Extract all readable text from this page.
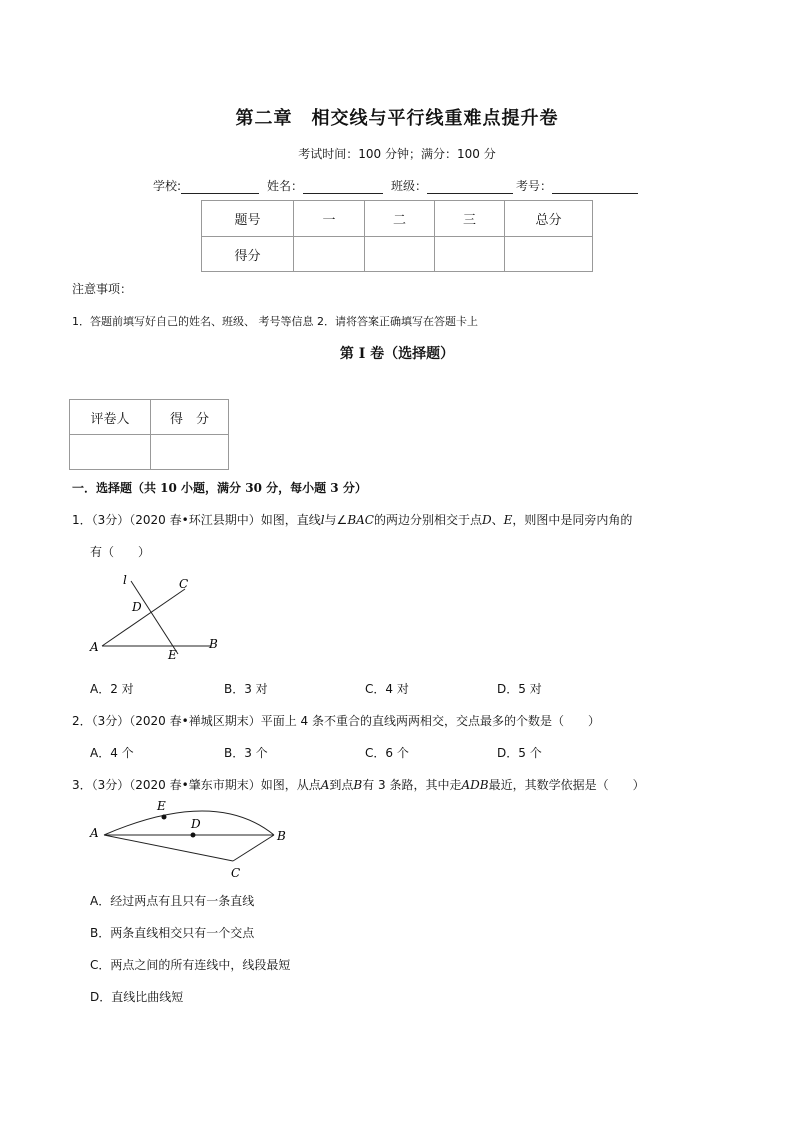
第二章　相交线与平行线重难点提升卷
考试时间：100 分钟；满分：100 分
学校:	姓名：	班级：	考号：
题号	一	二	三	总分
得分				
注意事项：
1．答题前填写好自己的姓名、班级、 考号等信息 2．请将答案正确填写在答题卡上
第 I 卷（选择题）
评卷人	得　分

一．选择题（共 10 小题，满分 30 分，每小题 3 分）
1．（3分）（2020 春•环江县期中）如图，直线l与∠BAC的两边分别相交于点D、E，则图中是同旁内角的
有（　　）
l	C
D
A
E
B
A．2 对	B．3 对	C．4 对	D．5 对
2．（3分）（2020 春•禅城区期末）平面上 4 条不重合的直线两两相交，交点最多的个数是（　　）
A．4 个	B．3 个	C．6 个	D．5 个
3．（3分）（2020 春•肇东市期末）如图，从点A到点B有 3 条路，其中走ADB最近，其数学依据是（　　）
E
D
A	B
C
A．经过两点有且只有一条直线
B．两条直线相交只有一个交点
C．两点之间的所有连线中，线段最短
D．直线比曲线短
